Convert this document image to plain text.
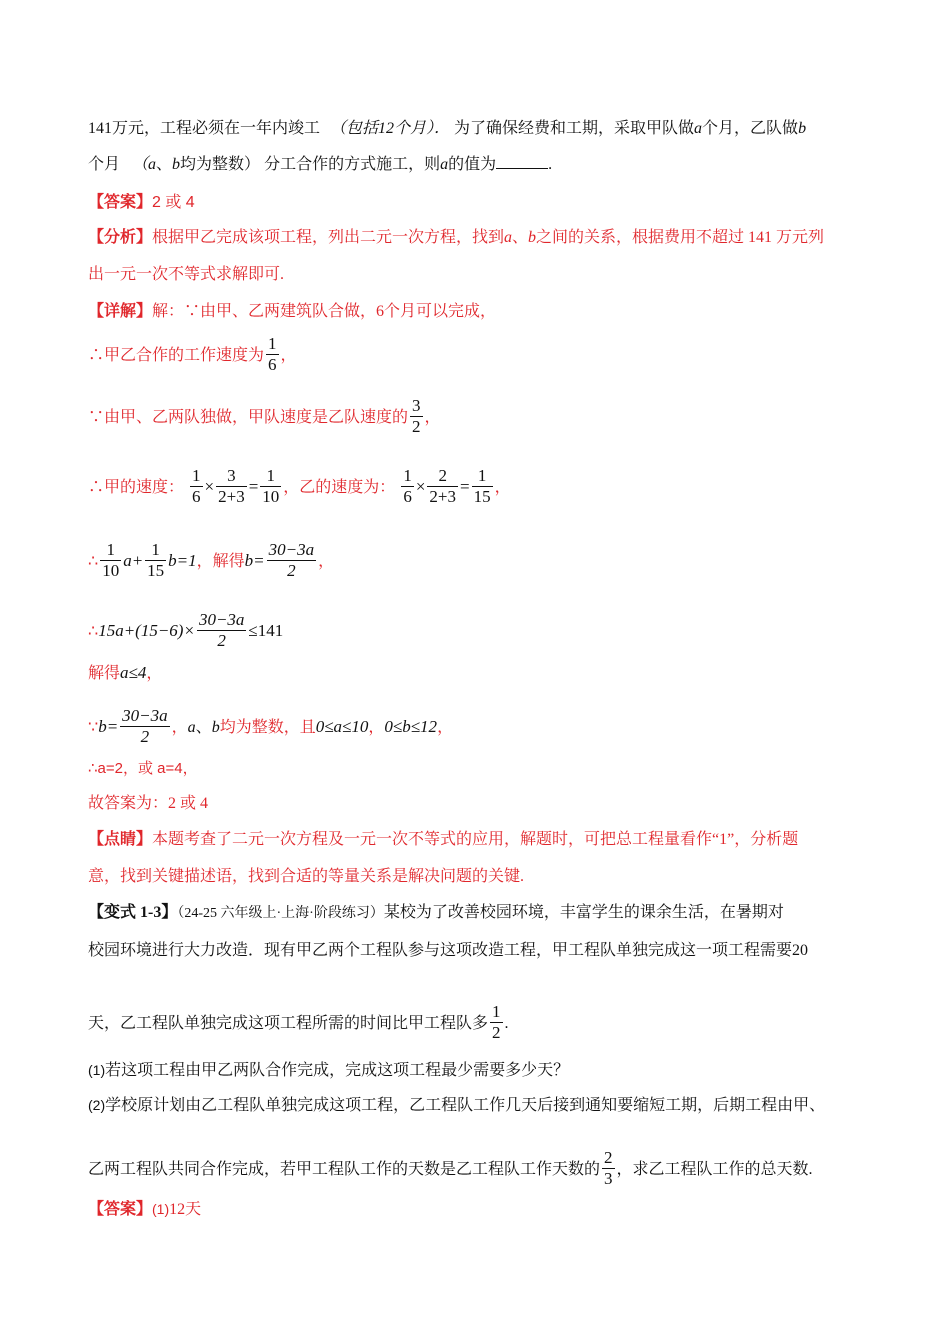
141万元，工程必须在一年内竣工 （包括12个月）． 为了确保经费和工期，采取甲队做a个月，乙队做b
个月 （a、b均为整数） 分工合作的方式施工，则a的值为	.
【答案】2 或 4
【分析】根据甲乙完成该项工程，列出二元一次方程，找到a、b之间的关系，根据费用不超过 141 万元列
出一元一次不等式求解即可.
【详解】解：∵由甲、乙两建筑队合做，6个月可以完成，
∴甲乙合作的工作速度为 $\frac{1}{6}$ ，
∵由甲、乙两队独做，甲队速度是乙队速度的 $\frac{3}{2}$ ，
∴甲的速度： $\frac{1}{6} \times \frac{3}{2+3} = \frac{1}{10}$ ，乙的速度为： $\frac{1}{6} \times \frac{2}{2+3} = \frac{1}{15}$ ，
∴ $\frac{1}{10} a+ \frac{1}{15} b=1$，解得$b= \frac{30-3a}{2}$ ，
∴15a+(15−6)× $\frac{30-3a}{2} \le 141$
解得a≤4，
∵b= $\frac{30-3a}{2}$ ，a、b均为整数，且0≤a≤10，0≤b≤12，
∴a=2，或 a=4，
故答案为：2 或 4
【点睛】本题考查了二元一次方程及一元一次不等式的应用，解题时，可把总工程量看作“1”，分析题
意，找到关键描述语，找到合适的等量关系是解决问题的关键.
【变式 1-3】（24-25 六年级上·上海·阶段练习）某校为了改善校园环境，丰富学生的课余生活，在暑期对
校园环境进行大力改造．现有甲乙两个工程队参与这项改造工程，甲工程队单独完成这一项工程需要20
天，乙工程队单独完成这项工程所需的时间比甲工程队多 $\frac{1}{2}$ .
(1)若这项工程由甲乙两队合作完成，完成这项工程最少需要多少天？
(2)学校原计划由乙工程队单独完成这项工程，乙工程队工作几天后接到通知要缩短工期，后期工程由甲、
乙两工程队共同合作完成，若甲工程队工作的天数是乙工程队工作天数的 $\frac{2}{3}$ ，求乙工程队工作的总天数.
【答案】(1)12天
